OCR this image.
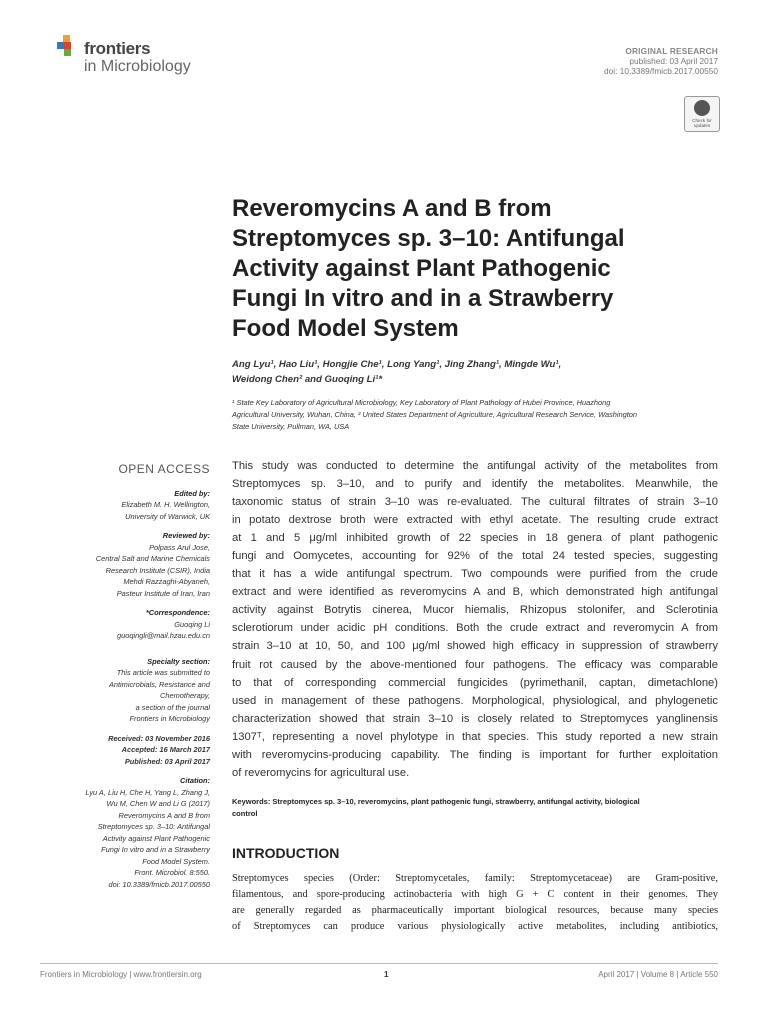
frontiers
in Microbiology
ORIGINAL RESEARCH
published: 03 April 2017
doi: 10.3389/fmicb.2017.00550
Check for updates
Reveromycins A and B from
Streptomyces sp. 3–10: Antifungal
Activity against Plant Pathogenic
Fungi In vitro and in a Strawberry
Food Model System
Ang Lyu¹, Hao Liu¹, Hongjie Che¹, Long Yang¹, Jing Zhang¹, Mingde Wu¹,
Weidong Chen² and Guoqing Li¹*
¹ State Key Laboratory of Agricultural Microbiology, Key Laboratory of Plant Pathology of Hubei Province, Huazhong
Agricultural University, Wuhan, China, ² United States Department of Agriculture, Agricultural Research Service, Washington
State University, Pullman, WA, USA
OPEN ACCESS
Edited by:
Elizabeth M. H. Wellington,
University of Warwick, UK
Reviewed by:
Polpass Arul Jose,
Central Salt and Marine Chemicals
Research Institute (CSIR), India
Mehdi Razzaghi-Abyaneh,
Pasteur Institute of Iran, Iran
*Correspondence:
Guoqing Li
guoqingli@mail.hzau.edu.cn
Specialty section:
This article was submitted to
Antimicrobials, Resistance and
Chemotherapy,
a section of the journal
Frontiers in Microbiology
Received: 03 November 2016
Accepted: 16 March 2017
Published: 03 April 2017
Citation:
Lyu A, Liu H, Che H, Yang L, Zhang J,
Wu M, Chen W and Li G (2017)
Reveromycins A and B from
Streptomyces sp. 3–10: Antifungal
Activity against Plant Pathogenic
Fungi In vitro and in a Strawberry
Food Model System.
Front. Microbiol. 8:550.
doi: 10.3389/fmicb.2017.00550
This study was conducted to determine the antifungal activity of the metabolites from
Streptomyces sp. 3–10, and to purify and identify the metabolites. Meanwhile, the
taxonomic status of strain 3–10 was re-evaluated. The cultural filtrates of strain 3–10
in potato dextrose broth were extracted with ethyl acetate. The resulting crude extract
at 1 and 5 μg/ml inhibited growth of 22 species in 18 genera of plant pathogenic
fungi and Oomycetes, accounting for 92% of the total 24 tested species, suggesting
that it has a wide antifungal spectrum. Two compounds were purified from the crude
extract and were identified as reveromycins A and B, which demonstrated high antifungal
activity against Botrytis cinerea, Mucor hiemalis, Rhizopus stolonifer, and Sclerotinia
sclerotiorum under acidic pH conditions. Both the crude extract and reveromycin A from
strain 3–10 at 10, 50, and 100 μg/ml showed high efficacy in suppression of strawberry
fruit rot caused by the above-mentioned four pathogens. The efficacy was comparable
to that of corresponding commercial fungicides (pyrimethanil, captan, dimetachlone)
used in management of these pathogens. Morphological, physiological, and phylogenetic
characterization showed that strain 3–10 is closely related to Streptomyces yanglinensis
1307ᵀ, representing a novel phylotype in that species. This study reported a new strain
with reveromycins-producing capability. The finding is important for further exploitation
of reveromycins for agricultural use.
Keywords: Streptomyces sp. 3–10, reveromycins, plant pathogenic fungi, strawberry, antifungal activity, biological
control
INTRODUCTION
Streptomyces species (Order: Streptomycetales, family: Streptomycetaceae) are Gram-positive,
filamentous, and spore-producing actinobacteria with high G + C content in their genomes. They
are generally regarded as pharmaceutically important biological resources, because many species
of Streptomyces can produce various physiologically active metabolites, including antibiotics,
Frontiers in Microbiology | www.frontiersin.org	1	April 2017 | Volume 8 | Article 550
